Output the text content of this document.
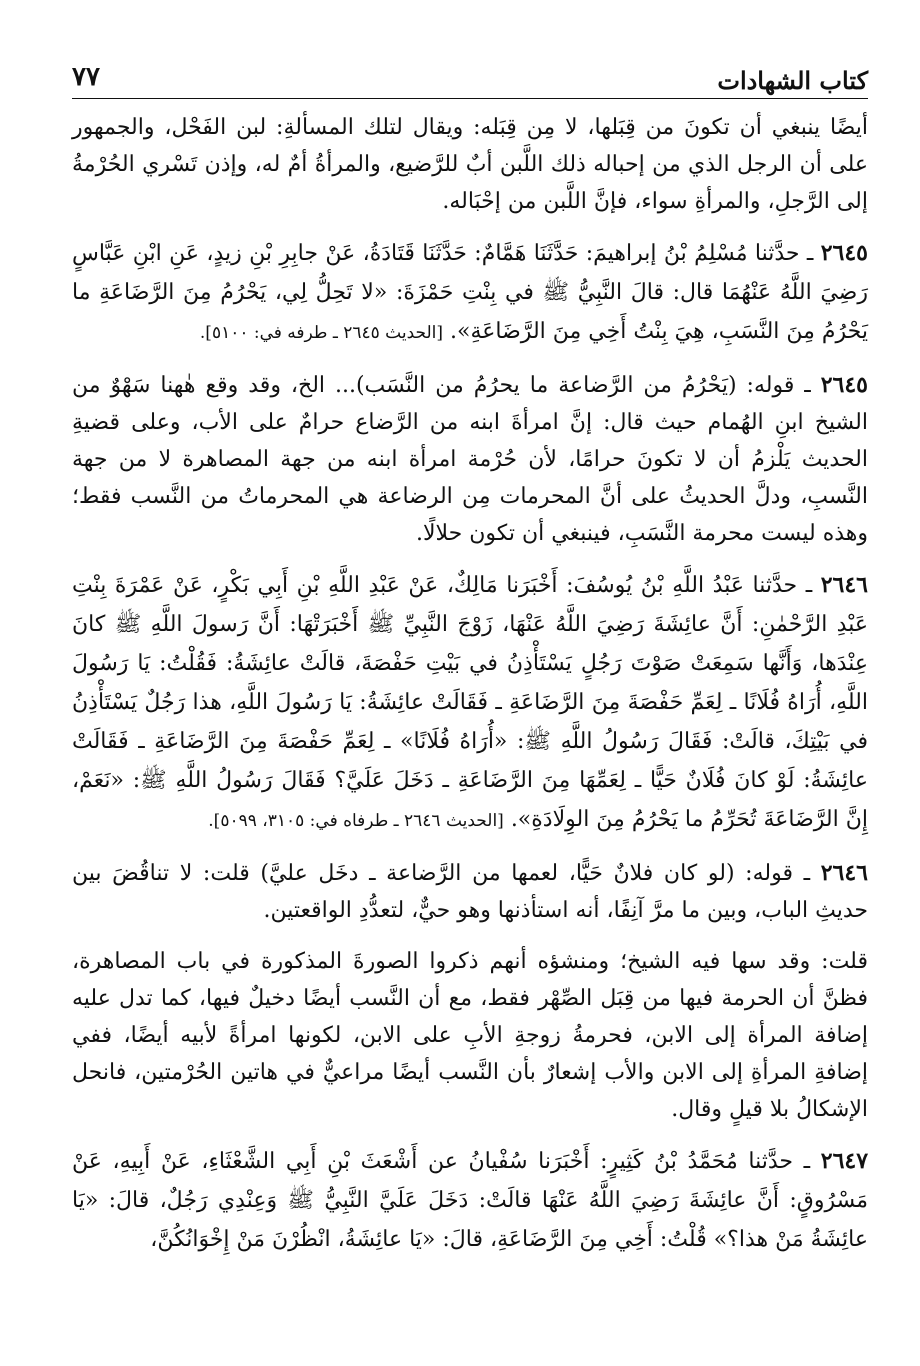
كتاب الشهادات
٧٧

أيضًا ينبغي أن تكونَ من قِبَلها، لا مِن قِبَله: ويقال لتلك المسألةِ: لبن الفَحْل، والجمهور على أن الرجل الذي من إحباله ذلك اللَّبن أبٌ للرَّضيع، والمرأةُ أمٌ له، وإذن تَسْري الحُرْمةُ إلى الرَّجلِ، والمرأةِ سواء، فإنَّ اللَّبن من إحْبَاله.

٢٦٤٥ ـ حدَّثنا مُسْلِمُ بْنُ إبراهيمَ: حَدَّثَنَا هَمَّامٌ: حَدَّثَنَا قَتَادَةُ، عَنْ جابِرِ بْنِ زيدٍ، عَنِ ابْنِ عَبَّاسٍ رَضِيَ اللَّهُ عَنْهُمَا قال: قالَ النَّبِيُّ ﷺ في بِنْتِ حَمْزَةَ: «لا تَحِلُّ لِي، يَحْرُمُ مِنَ الرَّضَاعَةِ ما يَحْرُمُ مِنَ النَّسَبِ، هِيَ بِنْتُ أَخِي مِنَ الرَّضَاعَةِ». [الحديث ٢٦٤٥ ـ طرفه في: ٥١٠٠].

٢٦٤٥ ـ قوله: (يَحْرُمُ من الرَّضاعة ما يحرُمُ من النَّسَب)... الخ، وقد وقع هٰهنا سَهْوٌ من الشيخ ابنِ الهُمام حيث قال: إنَّ امرأةَ ابنه من الرَّضاع حرامٌ على الأب، وعلى قضيةِ الحديث يَلْزمُ أن لا تكونَ حرامًا، لأن حُرْمة امرأة ابنه من جهة المصاهرة لا من جهة النَّسبِ، ودلَّ الحديثُ على أنَّ المحرمات مِن الرضاعة هي المحرماتُ من النَّسب فقط؛ وهذه ليست محرمة النَّسَبِ، فينبغي أن تكون حلالًا.

٢٦٤٦ ـ حدَّثنا عَبْدُ اللَّهِ بْنُ يُوسُفَ: أَخْبَرَنا مَالِكٌ، عَنْ عَبْدِ اللَّهِ بْنِ أَبِي بَكْرٍ، عَنْ عَمْرَةَ بِنْتِ عَبْدِ الرَّحْمٰنِ: أَنَّ عائِشَةَ رَضِيَ اللَّهُ عَنْهَا، زَوْجَ النَّبِيِّ ﷺ أَخْبَرَتْهَا: أَنَّ رَسولَ اللَّهِ ﷺ كانَ عِنْدَها، وَأَنَّها سَمِعَتْ صَوْتَ رَجُلٍ يَسْتَأْذِنُ في بَيْتِ حَفْصَةَ، قالَتْ عائِشَةُ: فَقُلْتُ: يَا رَسُولَ اللَّهِ، أُرَاهُ فُلَانًا ـ لِعَمِّ حَفْصَةَ مِنَ الرَّضَاعَةِ ـ فَقَالَتْ عائِشَةُ: يَا رَسُولَ اللَّهِ، هذا رَجُلٌ يَسْتَأْذِنُ في بَيْتِكَ، قالَتْ: فَقَالَ رَسُولُ اللَّهِ ﷺ: «أُرَاهُ فُلَانًا» ـ لِعَمِّ حَفْصَةَ مِنَ الرَّضَاعَةِ ـ فَقَالَتْ عائِشَةُ: لَوْ كانَ فُلَانٌ حَيًّا ـ لِعَمِّهَا مِنَ الرَّضَاعَةِ ـ دَخَلَ عَلَيَّ؟ فَقَالَ رَسُولُ اللَّهِ ﷺ: «نَعَمْ، إِنَّ الرَّضَاعَةَ تُحَرِّمُ ما يَحْرُمُ مِنَ الوِلَادَةِ». [الحديث ٢٦٤٦ ـ طرفاه في: ٣١٠٥، ٥٠٩٩].

٢٦٤٦ ـ قوله: (لو كان فلانٌ حَيًّا، لعمها من الرَّضاعة ـ دخَل عليَّ) قلت: لا تناقُضَ بين حديثِ الباب، وبين ما مرَّ آنِفًا، أنه استأذنها وهو حيٌّ، لتعدُّدِ الواقعتين.

قلت: وقد سها فيه الشيخ؛ ومنشؤه أنهم ذكروا الصورةَ المذكورة في باب المصاهرة، فظنَّ أن الحرمة فيها من قِبَل الصِّهْر فقط، مع أن النَّسب أيضًا دخيلٌ فيها، كما تدل عليه إضافة المرأة إلى الابن، فحرمةُ زوجةِ الأبِ على الابن، لكونها امرأةً لأبيه أيضًا، ففي إضافةِ المرأةِ إلى الابن والأب إشعارٌ بأن النَّسب أيضًا مراعيٌّ في هاتين الحُرْمتين، فانحل الإشكالُ بلا قيلٍ وقال.

٢٦٤٧ ـ حدَّثنا مُحَمَّدُ بْنُ كَثِيرٍ: أَخْبَرَنا سُفْيانُ عن أَشْعَثَ بْنِ أَبِي الشَّعْثَاءِ، عَنْ أَبِيهِ، عَنْ مَسْرُوقٍ: أَنَّ عائِشَةَ رَضِيَ اللَّهُ عَنْهَا قالَتْ: دَخَلَ عَلَيَّ النَّبِيُّ ﷺ وَعِنْدِي رَجُلٌ، قالَ: «يَا عائِشَةُ مَنْ هذا؟» قُلْتُ: أَخِي مِنَ الرَّضَاعَةِ، قالَ: «يَا عائِشَةُ، انْظُرْنَ مَنْ إِخْوَانُكُنَّ،
